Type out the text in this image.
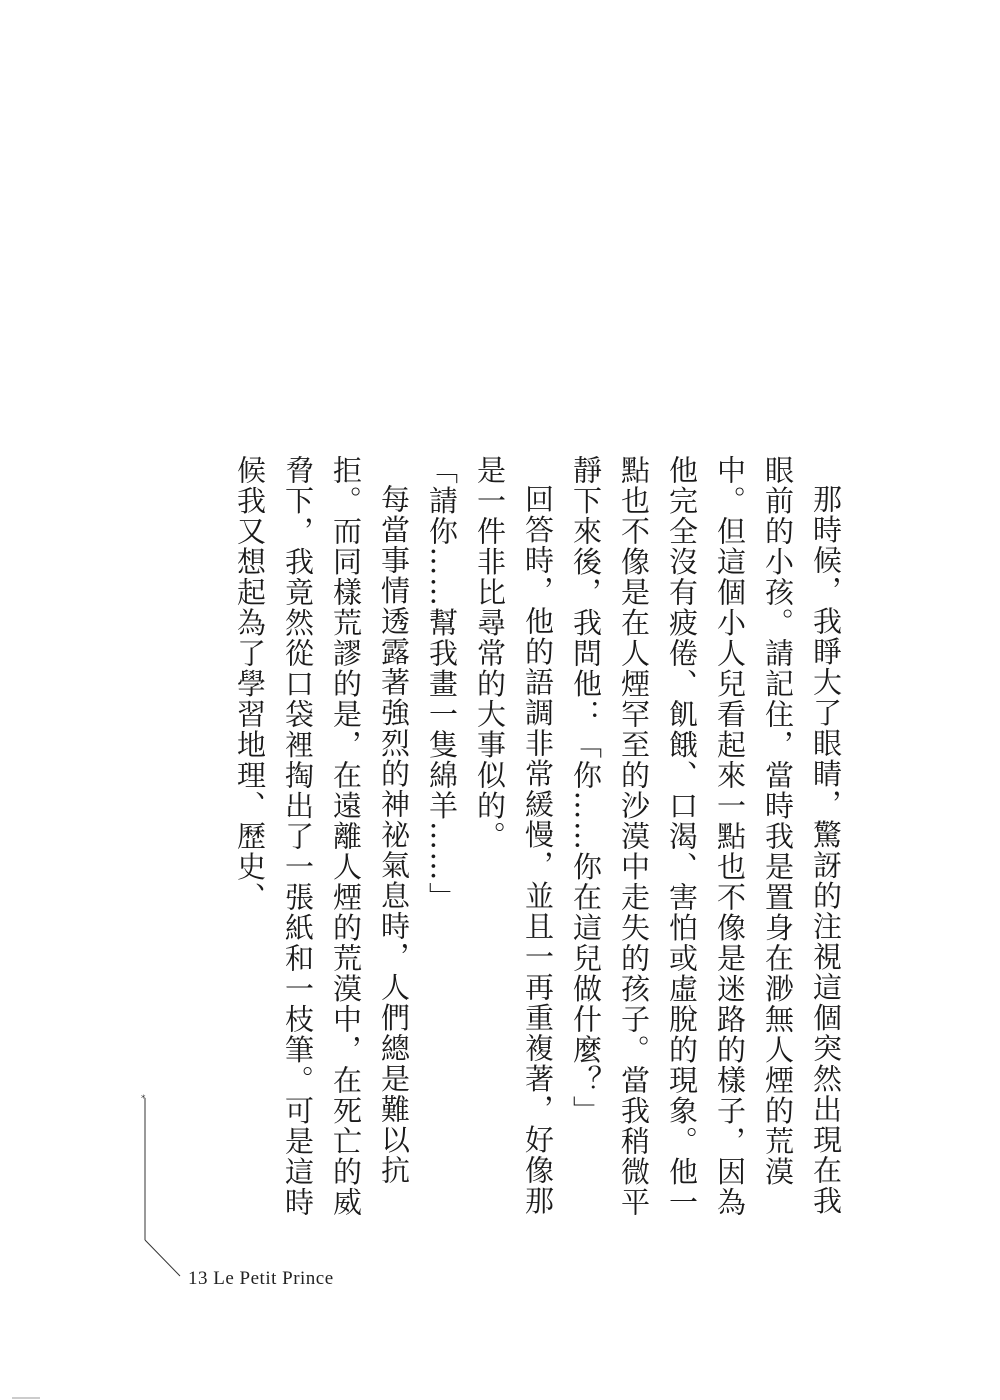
那時候，我睜大了眼睛，驚訝的注視這個突然出現在我眼前的小孩。請記住，當時我是置身在渺無人煙的荒漠中。但這個小人兒看起來一點也不像是迷路的樣子，因為他完全沒有疲倦、飢餓、口渴、害怕或虛脫的現象。他一點也不像是在人煙罕至的沙漠中走失的孩子。當我稍微平靜下來後，我問他：「你……你在這兒做什麼？」

回答時，他的語調非常緩慢，並且一再重複著，好像那是一件非比尋常的大事似的。

「請你……幫我畫一隻綿羊……」

每當事情透露著強烈的神祕氣息時，人們總是難以抗拒。而同樣荒謬的是，在遠離人煙的荒漠中，在死亡的威脅下，我竟然從口袋裡掏出了一張紙和一枝筆。可是這時候我又想起為了學習地理、歷史、

*
13 Le Petit Prince
